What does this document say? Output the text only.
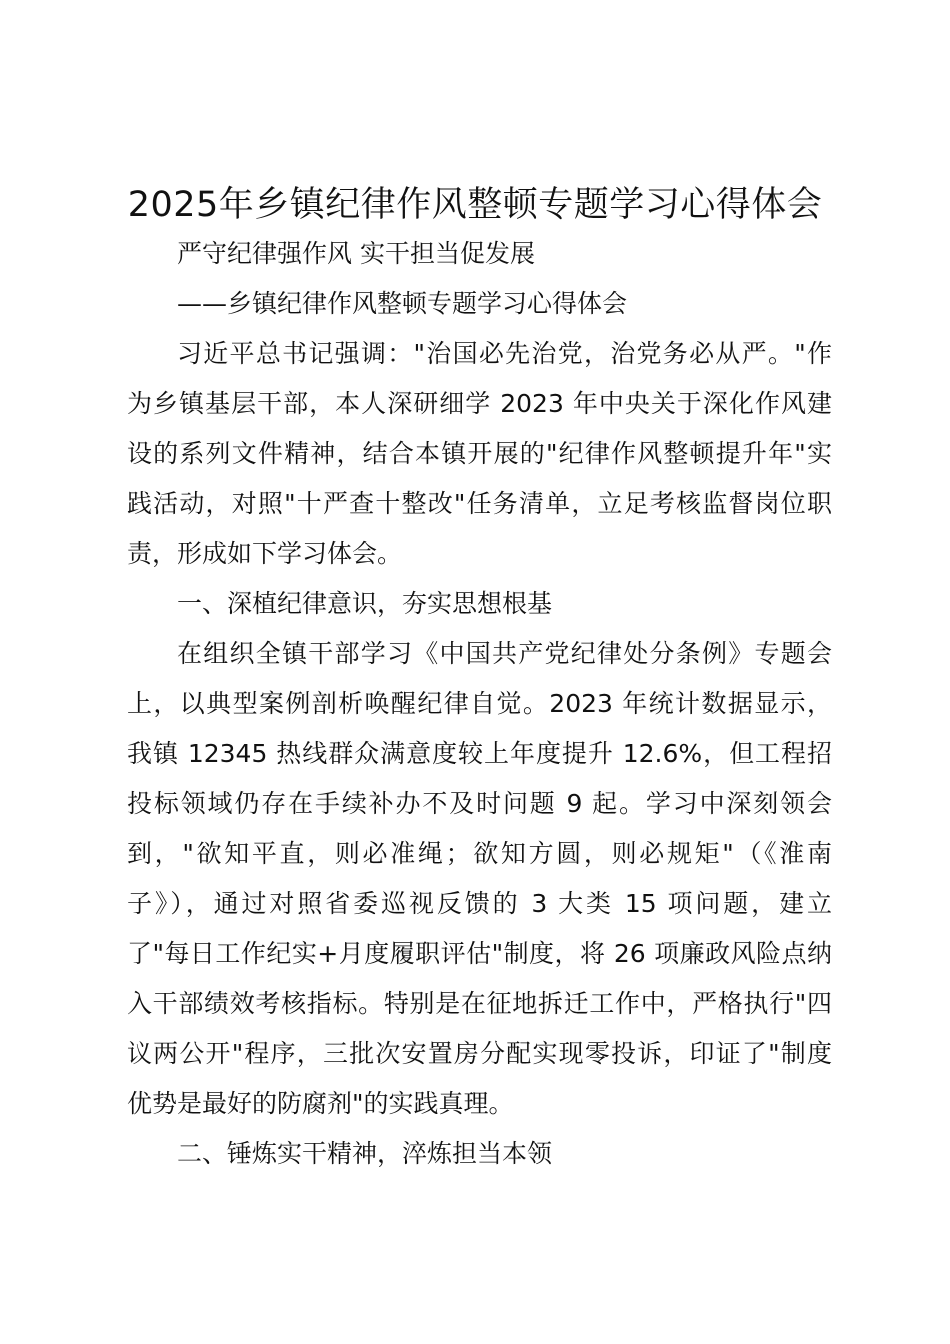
2025年乡镇纪律作风整顿专题学习心得体会
严守纪律强作风 实干担当促发展
——乡镇纪律作风整顿专题学习心得体会
习近平总书记强调："治国必先治党，治党务必从严。"作
为乡镇基层干部，本人深研细学 2023 年中央关于深化作风建
设的系列文件精神，结合本镇开展的"纪律作风整顿提升年"实
践活动，对照"十严查十整改"任务清单，立足考核监督岗位职
责，形成如下学习体会。
一、深植纪律意识，夯实思想根基
在组织全镇干部学习《中国共产党纪律处分条例》专题会
上，以典型案例剖析唤醒纪律自觉。2023 年统计数据显示，
我镇 12345 热线群众满意度较上年度提升 12.6%，但工程招
投标领域仍存在手续补办不及时问题 9 起。学习中深刻领会
到，"欲知平直，则必准绳；欲知方圆，则必规矩"（《淮南
子》），通过对照省委巡视反馈的 3 大类 15 项问题，建立
了"每日工作纪实+月度履职评估"制度，将 26 项廉政风险点纳
入干部绩效考核指标。特别是在征地拆迁工作中，严格执行"四
议两公开"程序，三批次安置房分配实现零投诉，印证了"制度
优势是最好的防腐剂"的实践真理。
二、锤炼实干精神，淬炼担当本领
